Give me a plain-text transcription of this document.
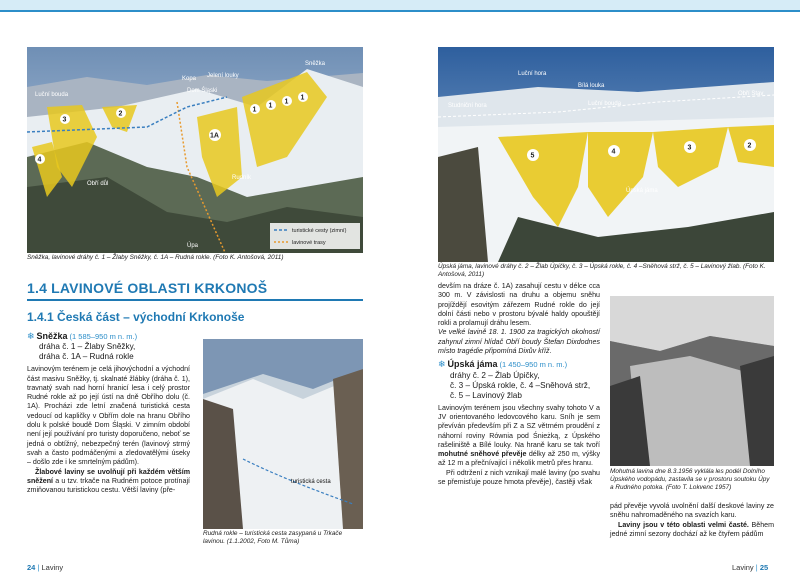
turistické cesty (zimní)
lavinové trasy
Sněžka
Kopa
Dom Śląski
Luční bouda
Obří důl
Rudník
Jelení louky
Úpa
3
2
4
1
1
1
1
1A
Sněžka, lavinové dráhy č. 1 – Žlaby Sněžky, č. 1A – Rudná rokle. (Foto K. Antošová, 2011)
1.4 LAVINOVÉ OBLASTI KRKONOŠ
1.4.1 Česká část – východní Krkonoše
❄ Sněžka (1 585–950 m n. m.)
dráha č. 1 – Žlaby Sněžky,
dráha č. 1A – Rudná rokle

Lavinovým terénem je celá jihovýchodní a východní část masivu Sněžky, tj. skalnaté žlábky (dráha č. 1), travnatý svah nad horní hranicí lesa i celý prostor Rudné rokle až po její ústí na dně Obřího dolu (č. 1A). Procházi zde letní značená turistická cesta vedoucí od kapličky v Obřím dole na hranu Obřího dolu k polské boudě Dom Śląski. V zimním období není její používání pro turisty doporučeno, neboť se jedná o obtížný, nebezpečný terén (lavinový strmý svah a často podmáčenými a zledovatělými úseky – došlo zde i ke smrtelným pádům).

Žlabové laviny se uvolňují při každém větším sněžení a u tzv. trkače na Rudném potoce protínají zmiňovanou turistickou cestu. Větší laviny (pře-

turistická cesta
Rudná rokle – turistická cesta zasypaná u Trkače lavinou. (1.1.2002, Foto M. Tůma)
24 | Laviny
Luční hora
Studniční hora	Luční bouda
Bílá louka
Úpská jáma
Obří Stav
5
4
3	2
Úpská jáma, lavinové dráhy č. 2 – Žlab Úpičky, č. 3 – Úpská rokle, č. 4 –Sněhová strž, č. 5 – Lavinový žlab. (Foto K. Antošová, 2011)

devším na dráze č. 1A) zasahují cestu v délce cca 300 m. V závislosti na druhu a objemu sněhu projíždějí esovitým zářezem Rudné rokle do její dolní části nebo v prostoru bývalé haldy opouštějí rokli a prolamují dráhu lesem.

Ve velké lavině 18. 1. 1900 za tragických okolností zahynul zimní hlídač Obří boudy Štefan Dixdodnes místo tragédie připomíná Dixův kříž.

❄ Úpská jáma (1 450–950 m n. m.)
dráhy č. 2 – Žlab Úpičky,
č. 3 – Úpská rokle, č. 4 –Sněhová strž,
č. 5 – Lavinový žlab

Lavinovým terénem jsou všechny svahy tohoto V a JV orientovaného ledovcového karu. Sníh je sem převíván především při Z a SZ větrném proudění z náhorní roviny Równia pod Śnieżką, z Úpského rašeliniště a Bílé louky. Na hraně karu se tak tvoří mohutné sněhové převěje délky až 250 m, výšky až 12 m a přečnívající i několik metrů přes hranu.

Při odtržení z nich vznikají malé laviny (po svahu se přemisťuje pouze hmota převěje), častěji však

Mohutná lavina dne 8.3.1956 vyklála les podél Dolního Úpského vodopádu, zastavila se v prostoru soutoku Úpy a Rudného potoka. (Foto T. Lokvenc 1957)

pád převěje vyvolá uvolnění další deskové laviny ze sněhu nahromaděného na svazích karu.

Laviny jsou v této oblasti velmi časté. Během jedné zimní sezony dochází až ke čtyřem pádům

Laviny | 25
